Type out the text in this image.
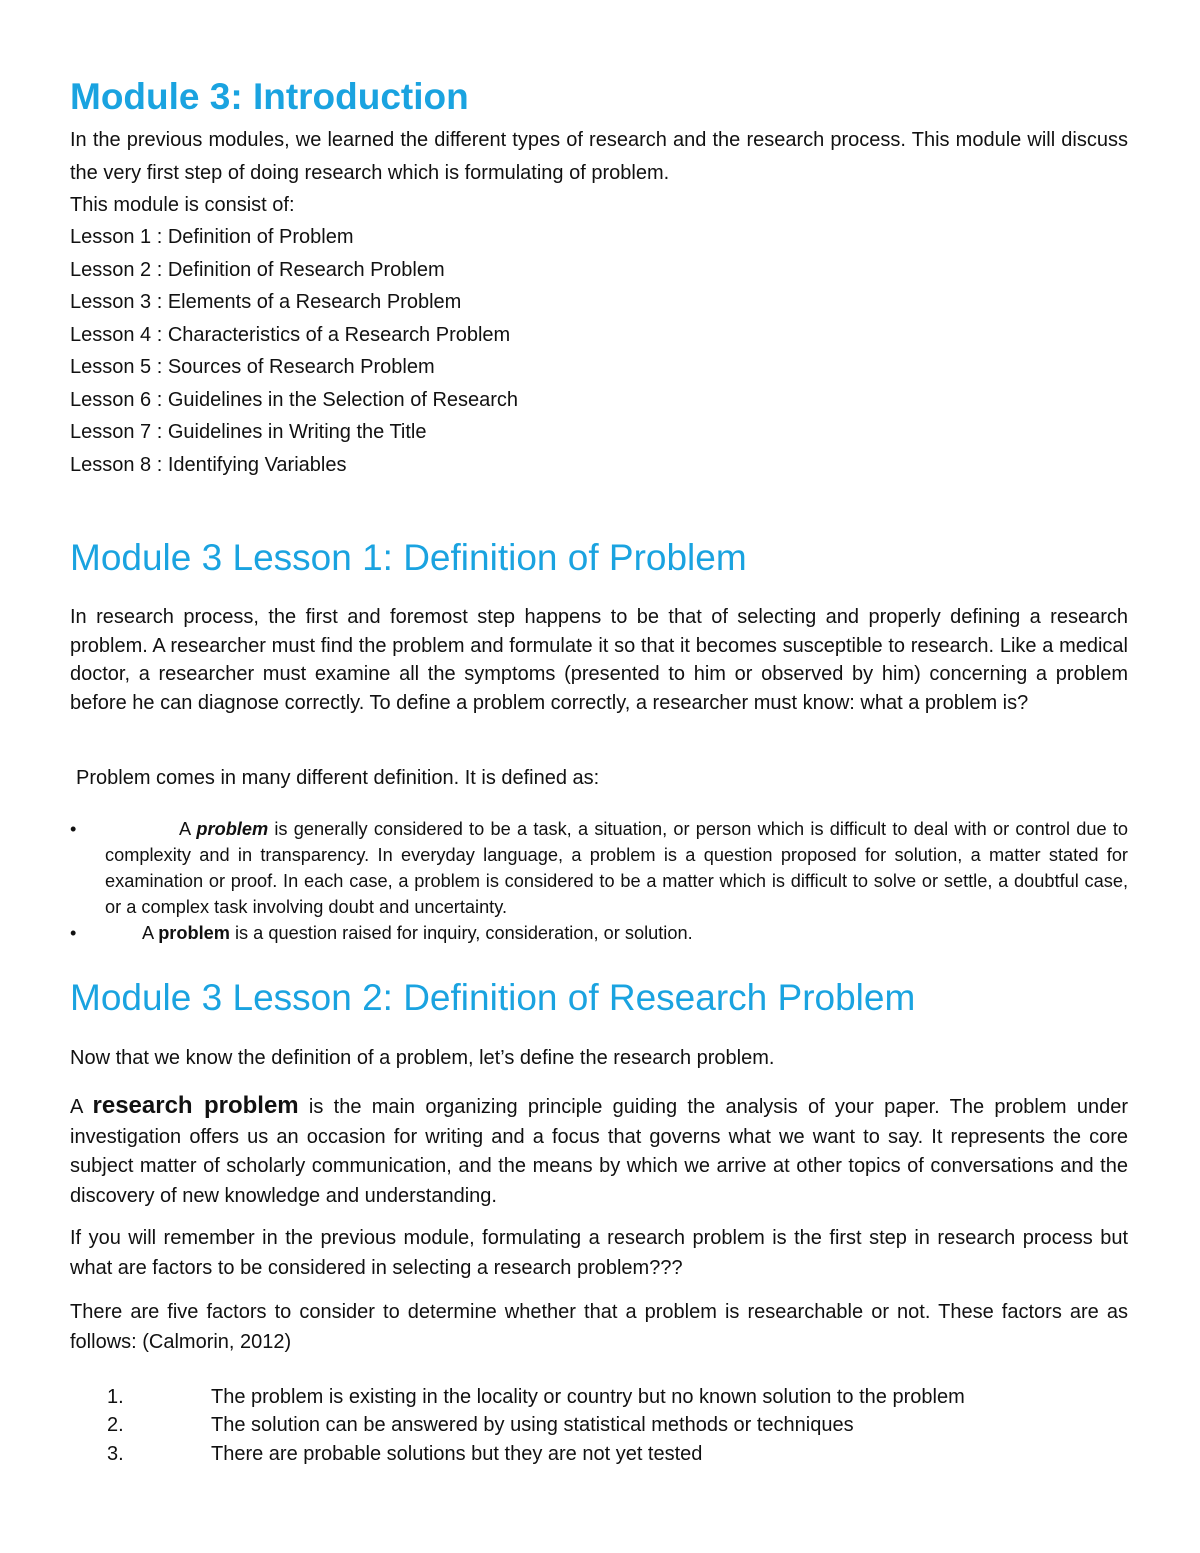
Module 3: Introduction

In the previous modules, we learned the different types of research and the research process. This module will discuss the very first step of doing research which is formulating of problem.

This module is consist of:

Lesson 1 : Definition of Problem
Lesson 2 : Definition of Research Problem
Lesson 3 : Elements of a Research Problem
Lesson 4 : Characteristics of a Research Problem
Lesson 5 : Sources of Research Problem
Lesson 6 : Guidelines in the Selection of Research
Lesson 7 : Guidelines in Writing the Title
Lesson 8 : Identifying Variables
Module 3 Lesson 1: Definition of Problem

In research process, the first and foremost step happens to be that of selecting and properly defining a research problem. A researcher must find the problem and formulate it so that it becomes susceptible to research. Like a medical doctor, a researcher must examine all the symptoms (presented to him or observed by him) concerning a problem before he can diagnose correctly. To define a problem correctly, a researcher must know: what a problem is?

Problem comes in many different definition. It is defined as:

•	A problem is generally considered to be a task, a situation, or person which is difficult to deal with or control due to complexity and in transparency. In everyday language, a problem is a question proposed for solution, a matter stated for examination or proof. In each case, a problem is considered to be a matter which is difficult to solve or settle, a doubtful case, or a complex task involving doubt and uncertainty.
•	A problem is a question raised for inquiry, consideration, or solution.
Module 3 Lesson 2: Definition of Research Problem

Now that we know the definition of a problem, let’s define the research problem.

A research problem is the main organizing principle guiding the analysis of your paper. The problem under investigation offers us an occasion for writing and a focus that governs what we want to say. It represents the core subject matter of scholarly communication, and the means by which we arrive at other topics of conversations and the discovery of new knowledge and understanding.

If you will remember in the previous module, formulating a research problem is the first step in research process but what are factors to be considered in selecting a research problem???

There are five factors to consider to determine whether that a problem is researchable or not. These factors are as follows: (Calmorin, 2012)

1.	The problem is existing in the locality or country but no known solution to the problem
2.	The solution can be answered by using statistical methods or techniques
3.	There are probable solutions but they are not yet tested
